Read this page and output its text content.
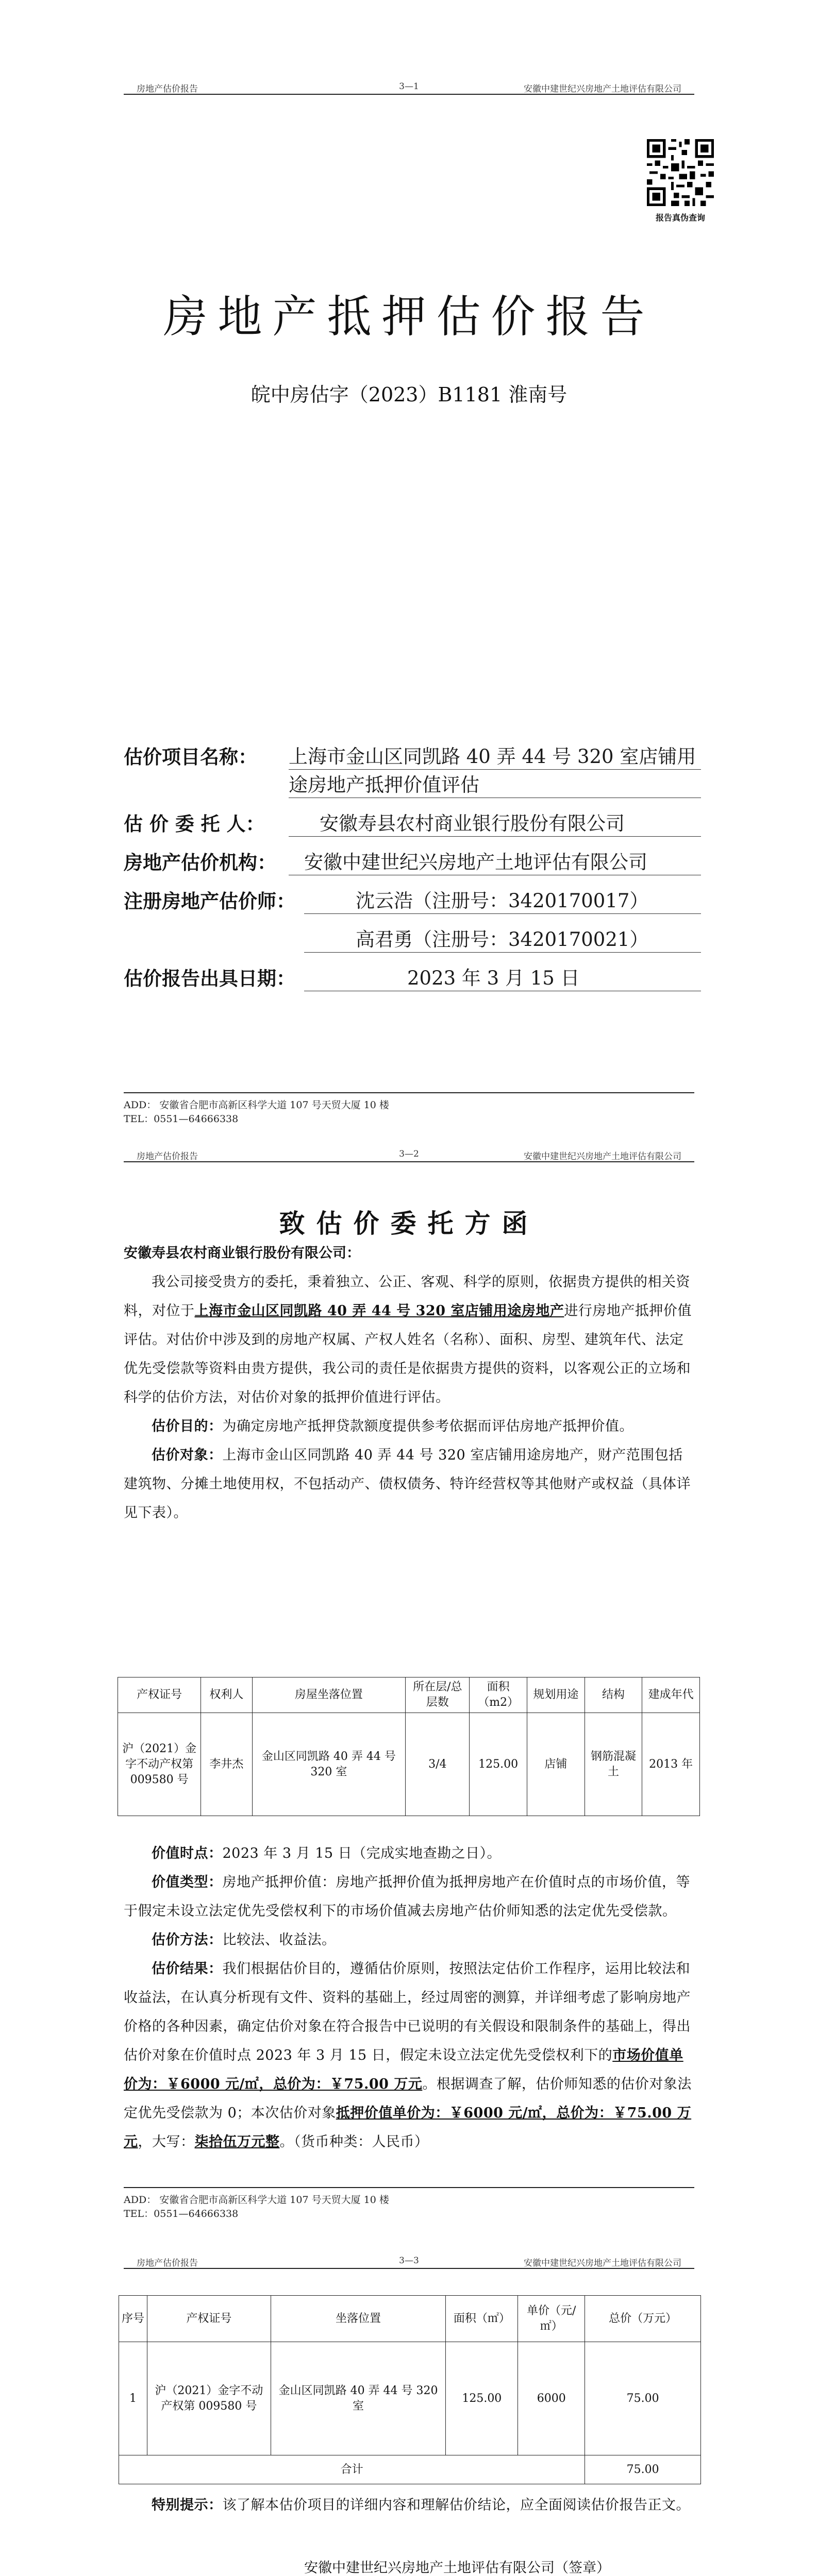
房地产估价报告	3—1	安徽中建世纪兴房地产土地评估有限公司
报告真伪查询
房地产抵押估价报告
皖中房估字（2023）B1181 淮南号
估价项目名称： 上海市金山区同凯路 40 弄 44 号 320 室店铺用
途房地产抵押价值评估
估 价 委 托 人：	安徽寿县农村商业银行股份有限公司
房地产估价机构：	安徽中建世纪兴房地产土地评估有限公司
注册房地产估价师：	沈云浩（注册号：3420170017）
高君勇（注册号：3420170021）
估价报告出具日期：	2023 年 3 月 15 日
ADD： 安徽省合肥市高新区科学大道 107 号天贸大厦 10 楼
TEL：0551—64666338
房地产估价报告	3—2	安徽中建世纪兴房地产土地评估有限公司
致估价委托方函
安徽寿县农村商业银行股份有限公司：
我公司接受贵方的委托，秉着独立、公正、客观、科学的原则，依据贵方提供的相关资料，对位于上海市金山区同凯路 40 弄 44 号 320 室店铺用途房地产进行房地产抵押价值评估。对估价中涉及到的房地产权属、产权人姓名（名称）、面积、房型、建筑年代、法定优先受偿款等资料由贵方提供，我公司的责任是依据贵方提供的资料，以客观公正的立场和科学的估价方法，对估价对象的抵押价值进行评估。
估价目的：为确定房地产抵押贷款额度提供参考依据而评估房地产抵押价值。
估价对象：上海市金山区同凯路 40 弄 44 号 320 室店铺用途房地产，财产范围包括建筑物、分摊土地使用权，不包括动产、债权债务、特许经营权等其他财产或权益（具体详见下表）。
产权证号	权利人	房屋坐落位置	所在层/总层数	面积（m2）	规划用途	结构	建成年代
沪（2021）金字不动产权第 009580 号	李井杰	金山区同凯路 40 弄 44 号 320 室	3/4	125.00	店铺	钢筋混凝土	2013 年
价值时点：2023 年 3 月 15 日（完成实地查勘之日）。
价值类型：房地产抵押价值：房地产抵押价值为抵押房地产在价值时点的市场价值，等于假定未设立法定优先受偿权利下的市场价值减去房地产估价师知悉的法定优先受偿款。
估价方法：比较法、收益法。
估价结果：我们根据估价目的，遵循估价原则，按照法定估价工作程序，运用比较法和收益法，在认真分析现有文件、资料的基础上，经过周密的测算，并详细考虑了影响房地产价格的各种因素，确定估价对象在符合报告中已说明的有关假设和限制条件的基础上，得出估价对象在价值时点 2023 年 3 月 15 日，假定未设立法定优先受偿权利下的市场价值单价为：￥6000 元/㎡，总价为：￥75.00 万元。根据调查了解，估价师知悉的估价对象法定优先受偿款为 0；本次估价对象抵押价值单价为：￥6000 元/㎡，总价为：￥75.00 万元，大写：柒拾伍万元整。（货币种类：人民币）
ADD： 安徽省合肥市高新区科学大道 107 号天贸大厦 10 楼
TEL：0551—64666338
房地产估价报告	3—3	安徽中建世纪兴房地产土地评估有限公司
序号	产权证号	坐落位置	面积（㎡）	单价（元/㎡）	总价（万元）
1	沪（2021）金字不动产权第 009580 号	金山区同凯路 40 弄 44 号 320 室	125.00	6000	75.00
合计					75.00
特别提示：该了解本估价项目的详细内容和理解估价结论，应全面阅读估价报告正文。
安徽中建世纪兴房地产土地评估有限公司（签章）
